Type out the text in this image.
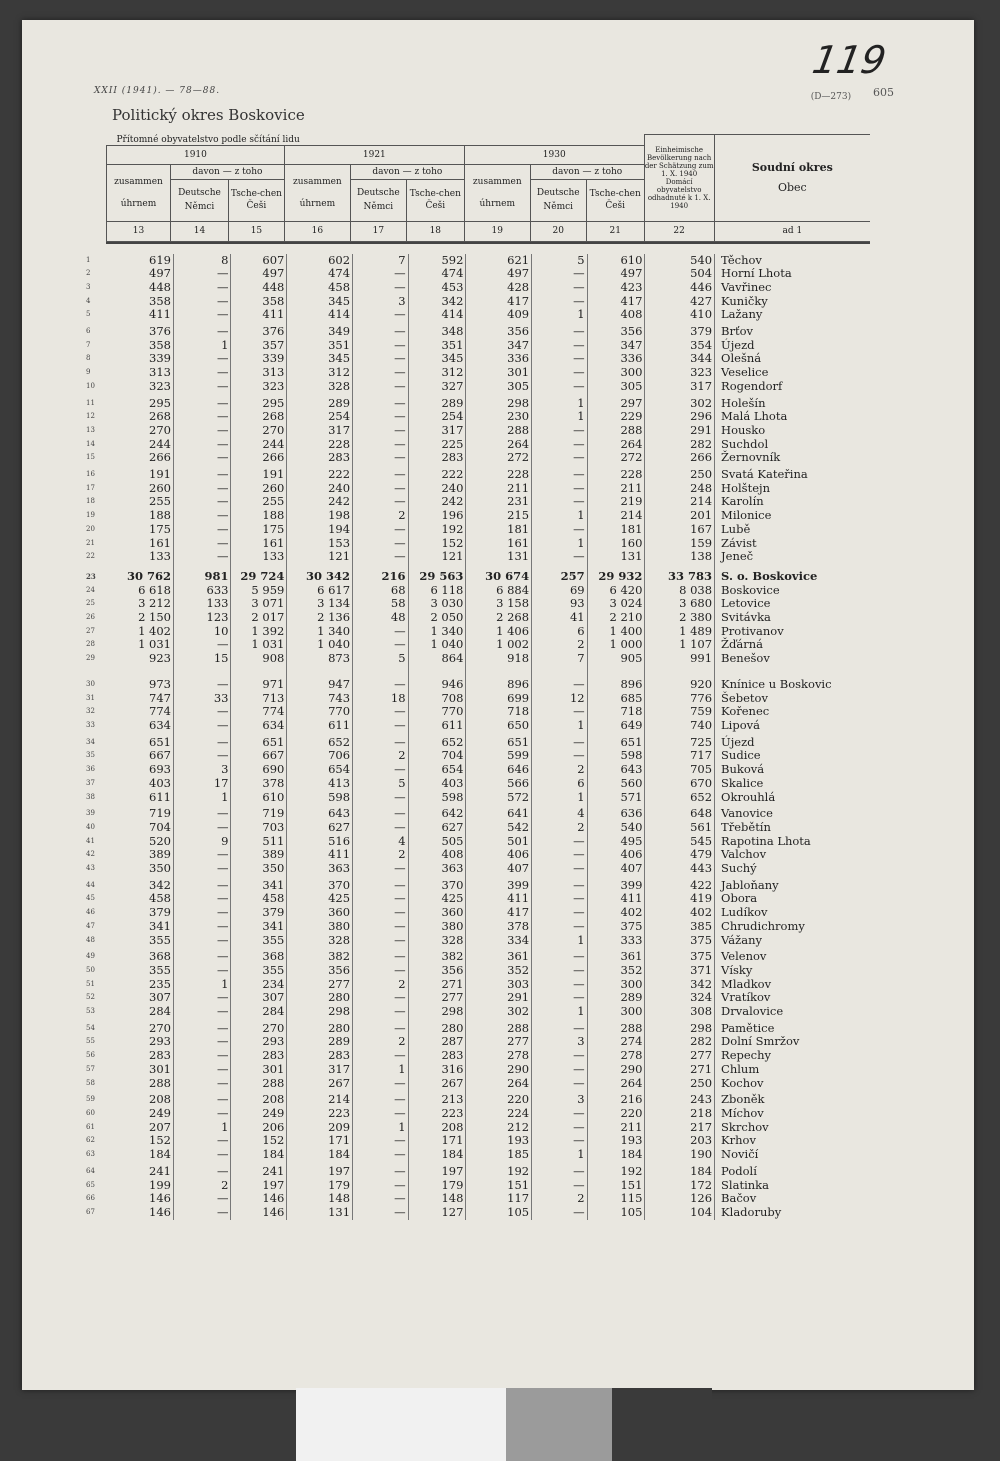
119
XXII (1941). — 78—88.
Politický okres Boskovice
(D—273)	605
Přítomné obyvatelstvo podle sčítání lidu									Einheimische Bevölkerung nach der Schätzung zum 1. X. 1940
Domácí obyvatelstvo odhadnuté k 1. X. 1940	Soudní okres
Obec
1910			1921			1930				
zusammen
úhrnem	davon — z toho		zusammen
úhrnem	davon — z toho		zusammen
úhrnem	davon — z toho			
	Deutsche
Němci	Tsche-chen
Češi		Deutsche
Němci	Tsche-chen
Češi		Deutsche
Němci	Tsche-chen
Češi		
13	14	15	16	17	18	19	20	21	22	ad 1
1	619	8	607	602	7	592	621	5	610	540	Těchov
2	497	—	497	474	—	474	497	—	497	504	Horní Lhota
3	448	—	448	458	—	453	428	—	423	446	Vavřinec
4	358	—	358	345	3	342	417	—	417	427	Kuničky
5	411	—	411	414	—	414	409	1	408	410	Lažany

6	376	—	376	349	—	348	356	—	356	379	Brťov
7	358	1	357	351	—	351	347	—	347	354	Újezd
8	339	—	339	345	—	345	336	—	336	344	Olešná
9	313	—	313	312	—	312	301	—	300	323	Veselice
10	323	—	323	328	—	327	305	—	305	317	Rogendorf

11	295	—	295	289	—	289	298	1	297	302	Holešín
12	268	—	268	254	—	254	230	1	229	296	Malá Lhota
13	270	—	270	317	—	317	288	—	288	291	Housko
14	244	—	244	228	—	225	264	—	264	282	Suchdol
15	266	—	266	283	—	283	272	—	272	266	Žernovník

16	191	—	191	222	—	222	228	—	228	250	Svatá Kateřina
17	260	—	260	240	—	240	211	—	211	248	Holštejn
18	255	—	255	242	—	242	231	—	219	214	Karolín
19	188	—	188	198	2	196	215	1	214	201	Milonice
20	175	—	175	194	—	192	181	—	181	167	Lubě
21	161	—	161	153	—	152	161	1	160	159	Závist
22	133	—	133	121	—	121	131	—	131	138	Jeneč

23	30 762	981	29 724	30 342	216	29 563	30 674	257	29 932	33 783	S. o. Boskovice
24	6 618	633	5 959	6 617	68	6 118	6 884	69	6 420	8 038	Boskovice
25	3 212	133	3 071	3 134	58	3 030	3 158	93	3 024	3 680	Letovice
26	2 150	123	2 017	2 136	48	2 050	2 268	41	2 210	2 380	Svitávka
27	1 402	10	1 392	1 340	—	1 340	1 406	6	1 400	1 489	Protivanov
28	1 031	—	1 031	1 040	—	1 040	1 002	2	1 000	1 107	Žďárná
29	923	15	908	873	5	864	918	7	905	991	Benešov

30	973	—	971	947	—	946	896	—	896	920	Knínice u Boskovic
31	747	33	713	743	18	708	699	12	685	776	Šebetov
32	774	—	774	770	—	770	718	—	718	759	Kořenec
33	634	—	634	611	—	611	650	1	649	740	Lipová

34	651	—	651	652	—	652	651	—	651	725	Újezd
35	667	—	667	706	2	704	599	—	598	717	Sudice
36	693	3	690	654	—	654	646	2	643	705	Buková
37	403	17	378	413	5	403	566	6	560	670	Skalice
38	611	1	610	598	—	598	572	1	571	652	Okrouhlá

39	719	—	719	643	—	642	641	4	636	648	Vanovice
40	704	—	703	627	—	627	542	2	540	561	Třebětín
41	520	9	511	516	4	505	501	—	495	545	Rapotina Lhota
42	389	—	389	411	2	408	406	—	406	479	Valchov
43	350	—	350	363	—	363	407	—	407	443	Suchý

44	342	—	341	370	—	370	399	—	399	422	Jabloňany
45	458	—	458	425	—	425	411	—	411	419	Obora
46	379	—	379	360	—	360	417	—	402	402	Ludíkov
47	341	—	341	380	—	380	378	—	375	385	Chrudichromy
48	355	—	355	328	—	328	334	1	333	375	Vážany

49	368	—	368	382	—	382	361	—	361	375	Velenov
50	355	—	355	356	—	356	352	—	352	371	Vísky
51	235	1	234	277	2	271	303	—	300	342	Mladkov
52	307	—	307	280	—	277	291	—	289	324	Vratíkov
53	284	—	284	298	—	298	302	1	300	308	Drvalovice

54	270	—	270	280	—	280	288	—	288	298	Pamětice
55	293	—	293	289	2	287	277	3	274	282	Dolní Smržov
56	283	—	283	283	—	283	278	—	278	277	Repechy
57	301	—	301	317	1	316	290	—	290	271	Chlum
58	288	—	288	267	—	267	264	—	264	250	Kochov

59	208	—	208	214	—	213	220	3	216	243	Zboněk
60	249	—	249	223	—	223	224	—	220	218	Míchov
61	207	1	206	209	1	208	212	—	211	217	Skrchov
62	152	—	152	171	—	171	193	—	193	203	Krhov
63	184	—	184	184	—	184	185	1	184	190	Novičí

64	241	—	241	197	—	197	192	—	192	184	Podolí
65	199	2	197	179	—	179	151	—	151	172	Slatinka
66	146	—	146	148	—	148	117	2	115	126	Bačov
67	146	—	146	131	—	127	105	—	105	104	Kladoruby
